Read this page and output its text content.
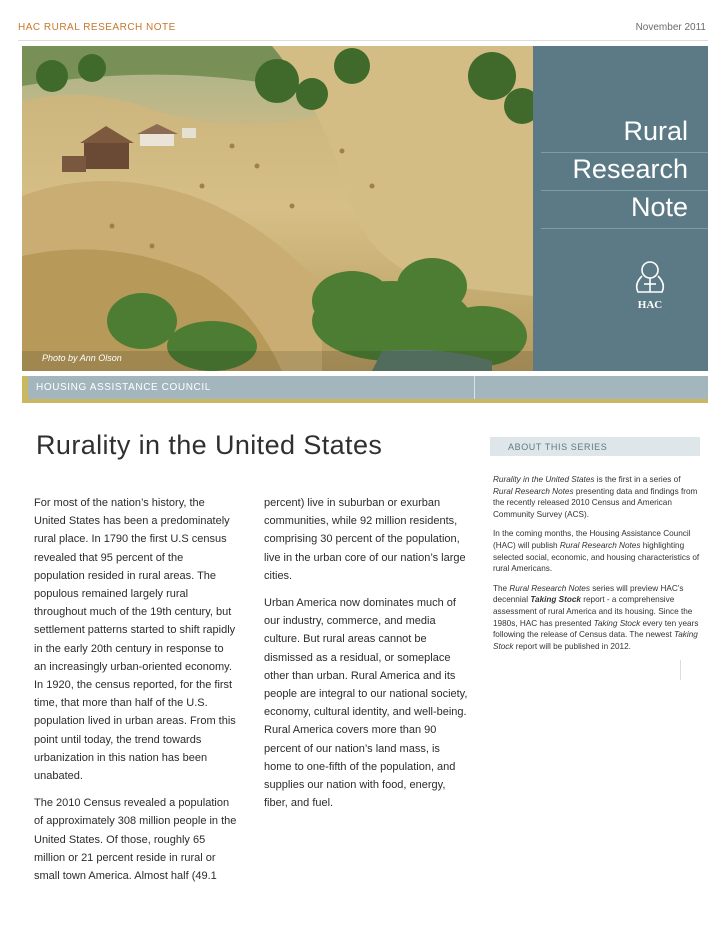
HAC RURAL RESEARCH NOTE	November 2011
Photo by Ann Olson
Rural
Research
Note
HAC
HOUSING ASSISTANCE COUNCIL
Rurality in the United States

For most of the nation’s history, the United States has been a predominately rural place. In 1790 the first U.S census revealed that 95 percent of the population resided in rural areas. The populous remained largely rural throughout much of the 19th century, but settlement patterns started to shift rapidly in the early 20th century in response to an increasingly urban-oriented economy. In 1920, the census reported, for the first time, that more than half of the U.S. population lived in urban areas. From this point until today, the trend towards urbanization in this nation has been unabated.

The 2010 Census revealed a population of approximately 308 million people in the United States. Of those, roughly 65 million or 21 percent reside in rural or small town America. Almost half (49.1

percent) live in suburban or exurban communities, while 92 million residents, comprising 30 percent of the population, live in the urban core of our nation’s large cities.

Urban America now dominates much of our industry, commerce, and media culture. But rural areas cannot be dismissed as a residual, or someplace other than urban. Rural America and its people are integral to our national society, economy, cultural identity, and well-being. Rural America covers more than 90 percent of our nation’s land mass, is home to one-fifth of the population, and supplies our nation with food, energy, fiber, and fuel.

ABOUT THIS SERIES

Rurality in the United States is the first in a series of Rural Research Notes presenting data and findings from the recently released 2010 Census and American Community Survey (ACS).

In the coming months, the Housing Assistance Council (HAC) will publish Rural Research Notes highlighting selected social, economic, and housing characteristics of rural Americans.

The Rural Research Notes series will preview HAC’s decennial Taking Stock report - a comprehensive assessment of rural America and its housing. Since the 1980s, HAC has presented Taking Stock every ten years following the release of Census data. The newest Taking Stock report will be published in 2012.
